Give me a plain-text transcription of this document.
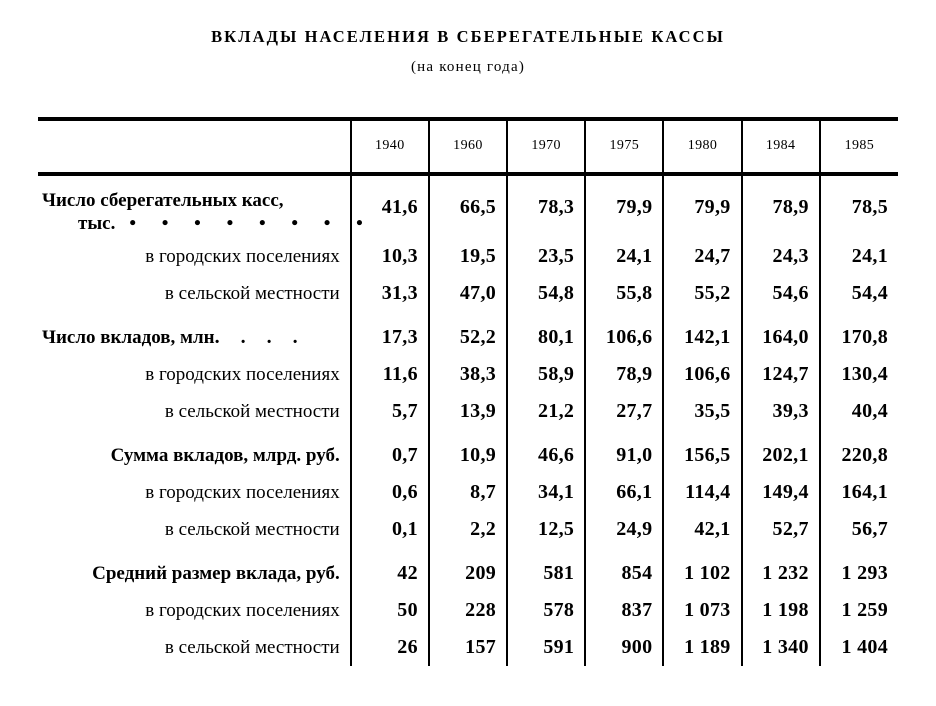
ВКЛАДЫ НАСЕЛЕНИЯ В СБЕРЕГАТЕЛЬНЫЕ КАССЫ
(на конец года)
	1940	1960	1970	1975	1980	1984	1985
Число сберегательных касс,
тыс. • • • • • • • •	41,6	66,5	78,3	79,9	79,9	78,9	78,5

в городских поселениях	10,3	19,5	23,5	24,1	24,7	24,3	24,1

в сельской местности	31,3	47,0	54,8	55,8	55,2	54,6	54,4
Число вкладов, млн. . . .	17,3	52,2	80,1	106,6	142,1	164,0	170,8

в городских поселениях	11,6	38,3	58,9	78,9	106,6	124,7	130,4

в сельской местности	5,7	13,9	21,2	27,7	35,5	39,3	40,4

Сумма вкладов, млрд. руб.	0,7	10,9	46,6	91,0	156,5	202,1	220,8

в городских поселениях	0,6	8,7	34,1	66,1	114,4	149,4	164,1

в сельской местности	0,1	2,2	12,5	24,9	42,1	52,7	56,7

Средний размер вклада, руб.	42	209	581	854	1 102	1 232	1 293

в городских поселениях	50	228	578	837	1 073	1 198	1 259

в сельской местности	26	157	591	900	1 189	1 340	1 404
